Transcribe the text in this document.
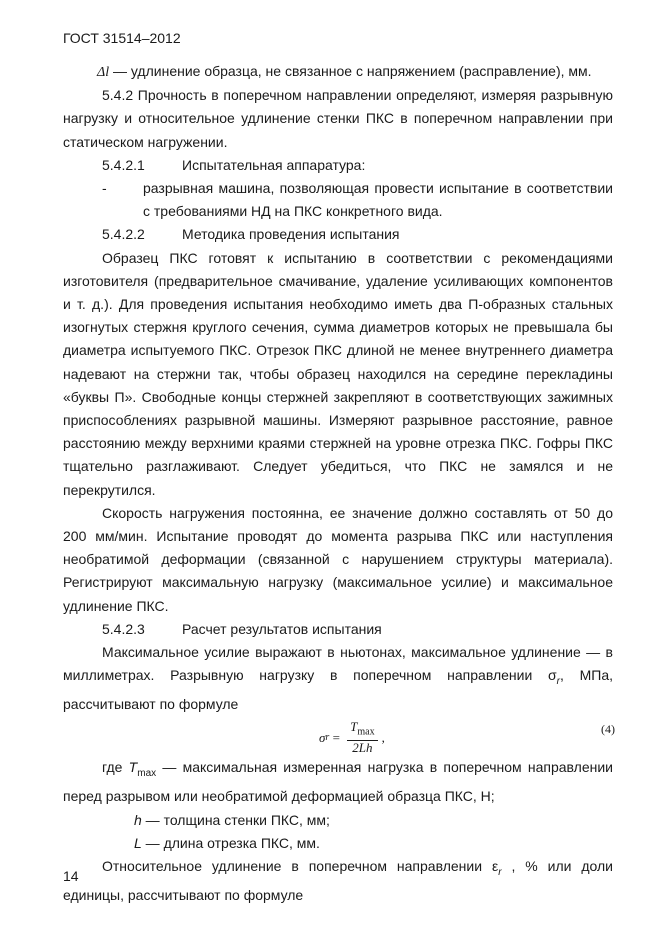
ГОСТ 31514–2012

Δl — удлинение образца, не связанное с напряжением (расправление), мм.

5.4.2 Прочность в поперечном направлении определяют, измеряя разрывную нагрузку и относительное удлинение стенки ПКС в поперечном направлении при статическом нагружении.

5.4.2.1	Испытательная аппаратура:
-	разрывная машина, позволяющая провести испытание в соответствии с требованиями НД на ПКС конкретного вида.
5.4.2.2	Методика проведения испытания

Образец ПКС готовят к испытанию в соответствии с рекомендациями изготовителя (предварительное смачивание, удаление усиливающих компонентов и т. д.). Для проведения испытания необходимо иметь два П-образных стальных изогнутых стержня круглого сечения, сумма диаметров которых не превышала бы диаметра испытуемого ПКС. Отрезок ПКС длиной не менее внутреннего диаметра надевают на стержни так, чтобы образец находился на середине перекладины «буквы П». Свободные концы стержней закрепляют в соответствующих зажимных приспособлениях разрывной машины. Измеряют разрывное расстояние, равное расстоянию между верхними краями стержней на уровне отрезка ПКС. Гофры ПКС тщательно разглаживают. Следует убедиться, что ПКС не замялся и не перекрутился.

Скорость нагружения постоянна, ее значение должно составлять от 50 до 200 мм/мин. Испытание проводят до момента разрыва ПКС или наступления необратимой деформации (связанной с нарушением структуры материала). Регистрируют максимальную нагрузку (максимальное усилие) и максимальное удлинение ПКС.

5.4.2.3	Расчет результатов испытания

Максимальное усилие выражают в ньютонах, максимальное удлинение — в миллиметрах. Разрывную нагрузку в поперечном направлении $\sigma_r$, МПа, рассчитывают по формуле

σ $r = \frac{T_{max}}{2Lh}$ ,
(4)

где $T_{max}$ — максимальная измеренная нагрузка в поперечном направлении перед разрывом или необратимой деформацией образца ПКС, Н;

h — толщина стенки ПКС, мм;

L — длина отрезка ПКС, мм.

Относительное удлинение в поперечном направлении $\varepsilon_r$ , % или доли единицы, рассчитывают по формуле

14
